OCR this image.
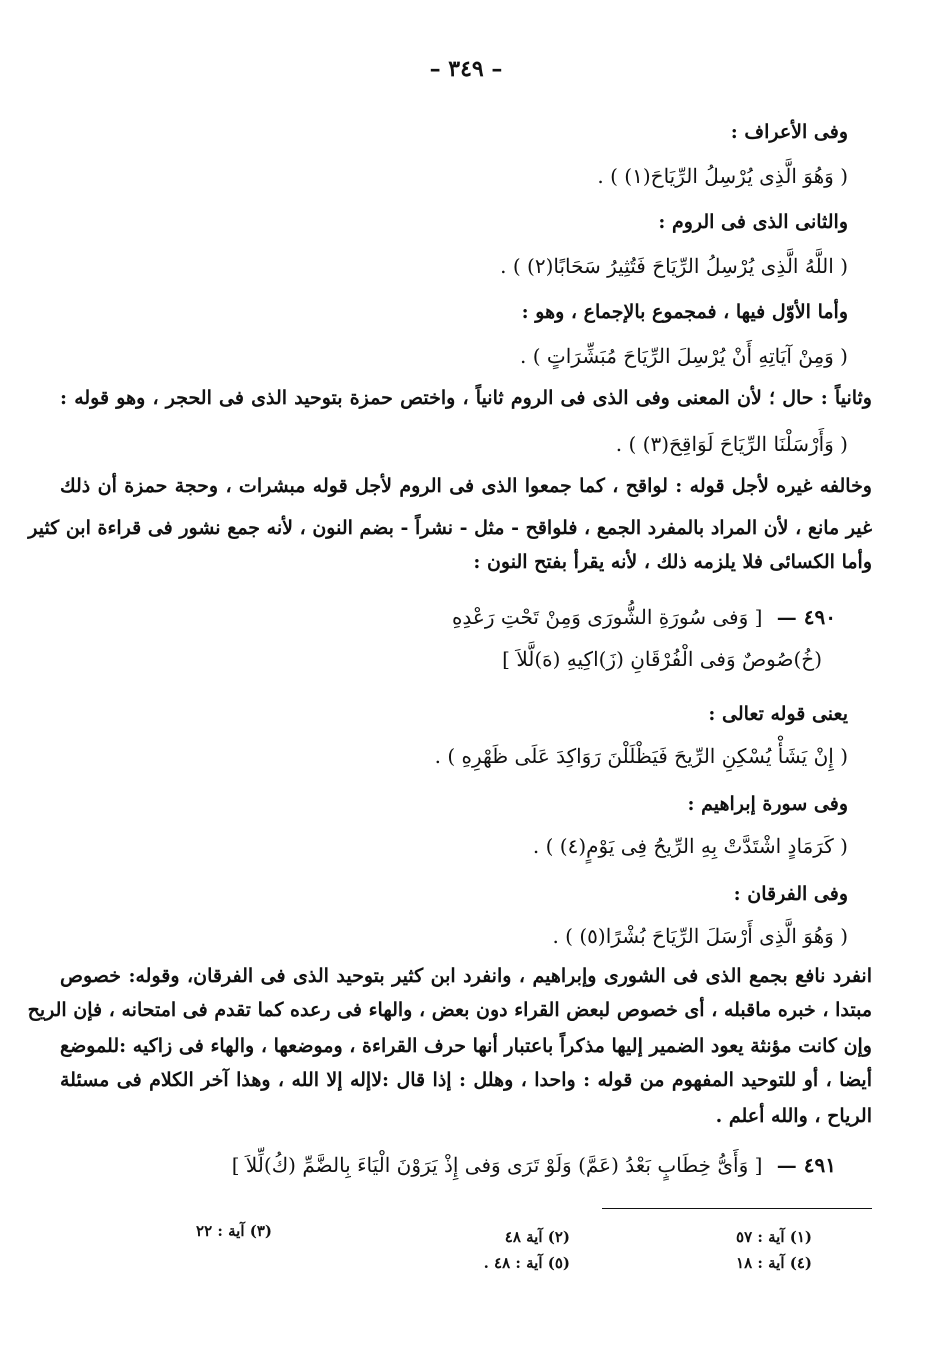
– ٣٤٩ –
وفى الأعراف :
( وَهُوَ الَّذِى يُرْسِلُ الرِّيَاحَ(١) ) .
والثانى الذى فى الروم :
( اللَّهُ الَّذِى يُرْسِلُ الرِّيَاحَ فَتُثِيرُ سَحَابًا(٢) ) .
وأما الأوّل فيها ، فمجموع بالإجماع ، وهو :
( وَمِنْ آيَاتِهِ أَنْ يُرْسِلَ الرِّيَاحَ مُبَشِّرَاتٍ ) .
وثانياً : حال ؛ لأن المعنى وفى الذى فى الروم ثانياً ، واختص حمزة بتوحيد الذى فى الحجر ، وهو قوله :
( وَأَرْسَلْنَا الرِّيَاحَ لَوَاقِحَ(٣) ) .
وخالفه غيره لأجل قوله : لواقح ، كما جمعوا الذى فى الروم لأجل قوله مبشرات ، وحجة حمزة أن ذلك
غير مانع ، لأن المراد بالمفرد الجمع ، فلواقح - مثل - نشراً - بضم النون ، لأنه جمع نشور فى قراءة ابن كثير
وأما الكسائى فلا يلزمه ذلك ، لأنه يقرأ بفتح النون :
٤٩٠ — [ وَفى سُورَةِ الشُّورَى وَمِنْ تَحْتِ رَعْدِهِ
(خُ)صُوصٌ وَفى الْفُرْقَانِ (زَ)اكِيهِ (هَ)لَّلاَ ]
يعنى قوله تعالى :
( إِنْ يَشَأْ يُسْكِنِ الرِّيحَ فَيَظْلَلْنَ رَوَاكِدَ عَلَى ظَهْرِهِ ) .
وفى سورة إبراهيم :
( كَرَمَادٍ اشْتَدَّتْ بِهِ الرِّيحُ فِى يَوْمٍ(٤) ) .
وفى الفرقان :
( وَهُوَ الَّذِى أَرْسَلَ الرِّيَاحَ بُشْرًا(٥) ) .
انفرد نافع بجمع الذى فى الشورى وإبراهيم ، وانفرد ابن كثير بتوحيد الذى فى الفرقان، وقوله: خصوص
مبتدا ، خبره ماقبله ، أى خصوص لبعض القراء دون بعض ، والهاء فى رعده كما تقدم فى امتحانه ، فإن الريح
وإن كانت مؤنثة يعود الضمير إليها مذكراً باعتبار أنها حرف القراءة ، وموضعها ، والهاء فى زاكيه :للموضع
أيضا ، أو للتوحيد المفهوم من قوله : واحدا ، وهلل : إذا قال :لاإله إلا الله ، وهذا آخر الكلام فى مسئلة
الرياح ، والله أعلم .
٤٩١ — [ وَأَىُّ خِطَابٍ بَعْدُ (عَمَّ) وَلَوْ تَرَى وَفى إِذْ يَرَوْنَ الْيَاءَ بِالضَّمِّ (كُ)لِّلاَ ]
(١) آية : ٥٧
(٢) آية ٤٨
(٣) آية : ٢٢
(٤) آية : ١٨
(٥) آية : ٤٨ .
